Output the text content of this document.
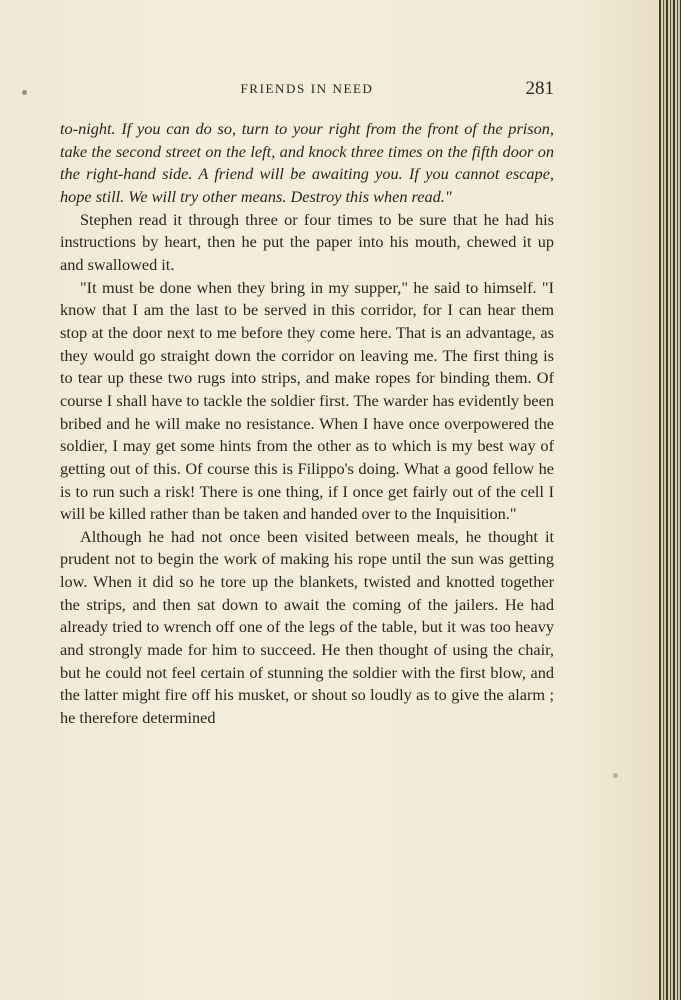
FRIENDS IN NEED	281

to-night. If you can do so, turn to your right from the front of the prison, take the second street on the left, and knock three times on the fifth door on the right-hand side. A friend will be awaiting you. If you cannot escape, hope still. We will try other means. Destroy this when read."

Stephen read it through three or four times to be sure that he had his instructions by heart, then he put the paper into his mouth, chewed it up and swallowed it.

"It must be done when they bring in my supper," he said to himself. "I know that I am the last to be served in this corridor, for I can hear them stop at the door next to me before they come here. That is an advantage, as they would go straight down the corridor on leaving me. The first thing is to tear up these two rugs into strips, and make ropes for binding them. Of course I shall have to tackle the soldier first. The warder has evidently been bribed and he will make no resistance. When I have once overpowered the soldier, I may get some hints from the other as to which is my best way of getting out of this. Of course this is Filippo's doing. What a good fellow he is to run such a risk! There is one thing, if I once get fairly out of the cell I will be killed rather than be taken and handed over to the Inquisition."

Although he had not once been visited between meals, he thought it prudent not to begin the work of making his rope until the sun was getting low. When it did so he tore up the blankets, twisted and knotted together the strips, and then sat down to await the coming of the jailers. He had already tried to wrench off one of the legs of the table, but it was too heavy and strongly made for him to succeed. He then thought of using the chair, but he could not feel certain of stunning the soldier with the first blow, and the latter might fire off his musket, or shout so loudly as to give the alarm ; he therefore determined
